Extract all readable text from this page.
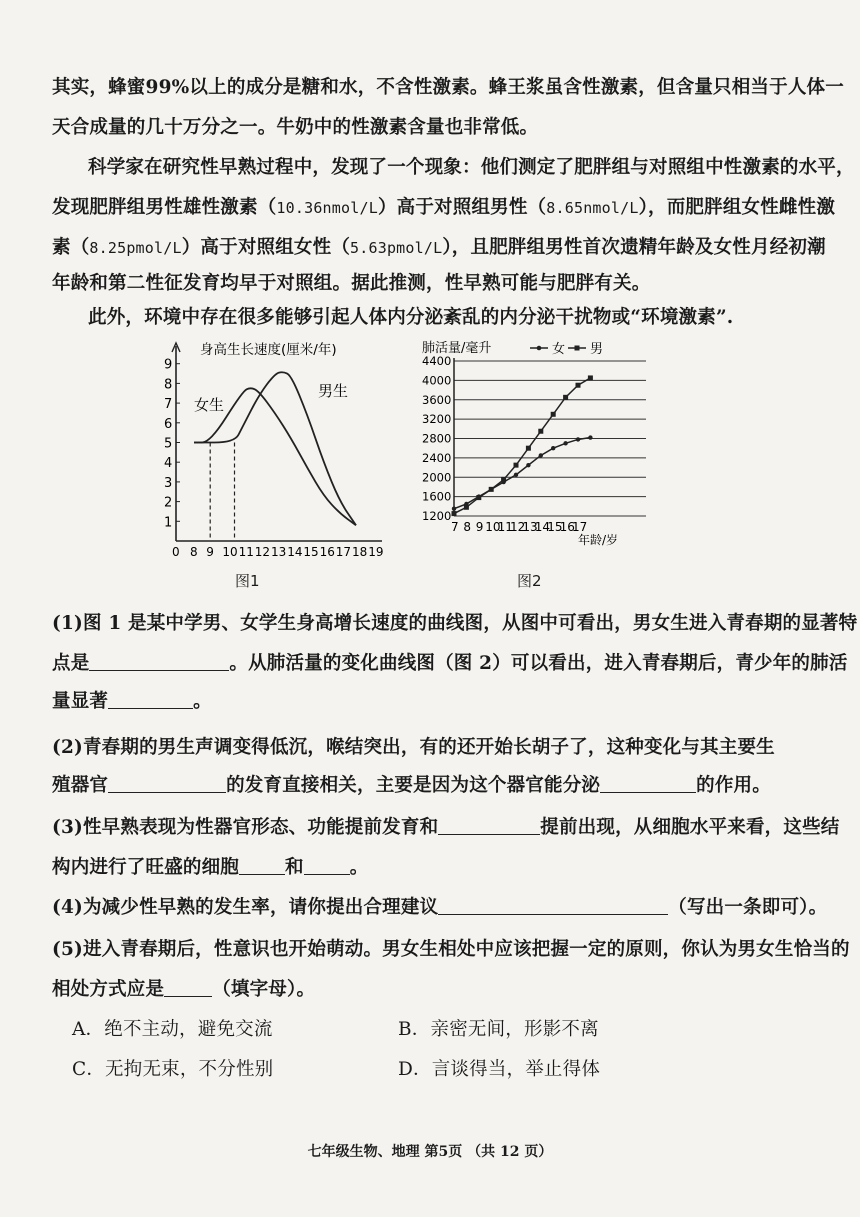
其实，蜂蜜99%以上的成分是糖和水，不含性激素。蜂王浆虽含性激素，但含量只相当于人体一
天合成量的几十万分之一。牛奶中的性激素含量也非常低。
科学家在研究性早熟过程中，发现了一个现象：他们测定了肥胖组与对照组中性激素的水平，
发现肥胖组男性雄性激素（10.36nmol/L）高于对照组男性（8.65nmol/L），而肥胖组女性雌性激
素（8.25pmol/L）高于对照组女性（5.63pmol/L），且肥胖组男性首次遗精年龄及女性月经初潮
年龄和第二性征发育均早于对照组。据此推测，性早熟可能与肥胖有关。
此外，环境中存在很多能够引起人体内分泌紊乱的内分泌干扰物或“环境激素”.
1
2
3
4
5
6
7
8
9
0 8 9 10 11 12 13 14 15 16 17 18 19
身高生长速度(厘米/年)
女生
男生
图1
1200
1600
2000
2400
2800
3200
3600
4000
4400
7 8 9 10
11
12
13
14
15
16
17
年龄/岁
肺活量/毫升	女 男
图2
(1)图 1 是某中学男、女学生身高增长速度的曲线图，从图中可看出，男女生进入青春期的显著特
点是	。从肺活量的变化曲线图（图 2）可以看出，进入青春期后，青少年的肺活
量显著	。
(2)青春期的男生声调变得低沉，喉结突出，有的还开始长胡子了，这种变化与其主要生
殖器官	的发育直接相关，主要是因为这个器官能分泌	的作用。
(3)性早熟表现为性器官形态、功能提前发育和	提前出现，从细胞水平来看，这些结
构内进行了旺盛的细胞 和 。
(4)为减少性早熟的发生率，请你提出合理建议	（写出一条即可）。
(5)进入青春期后，性意识也开始萌动。男女生相处中应该把握一定的原则，你认为男女生恰当的
相处方式应是	（填字母）。
A．绝不主动，避免交流	B．亲密无间，形影不离
C．无拘无束，不分性别	D．言谈得当，举止得体
七年级生物、地理 第5页 （共 12 页）
